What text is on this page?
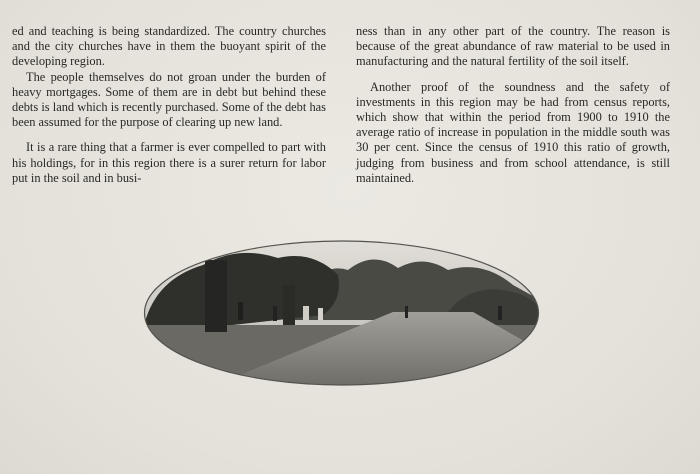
ed and teaching is being standardized. The country churches and the city churches have in them the buoyant spirit of the developing region.

The people themselves do not groan under the burden of heavy mortgages. Some of them are in debt but behind these debts is land which is recently purchased. Some of the debt has been assumed for the purpose of clearing up new land.

It is a rare thing that a farmer is ever compelled to part with his holdings, for in this region there is a surer return for labor put in the soil and in busi-

ness than in any other part of the country. The reason is because of the great abundance of raw material to be used in manufacturing and the natural fertility of the soil itself.

Another proof of the soundness and the safety of investments in this region may be had from census reports, which show that within the period from 1900 to 1910 the average ratio of increase in population in the middle south was 30 per cent. Since the census of 1910 this ratio of growth, judging from business and from school attendance, is still maintained.
